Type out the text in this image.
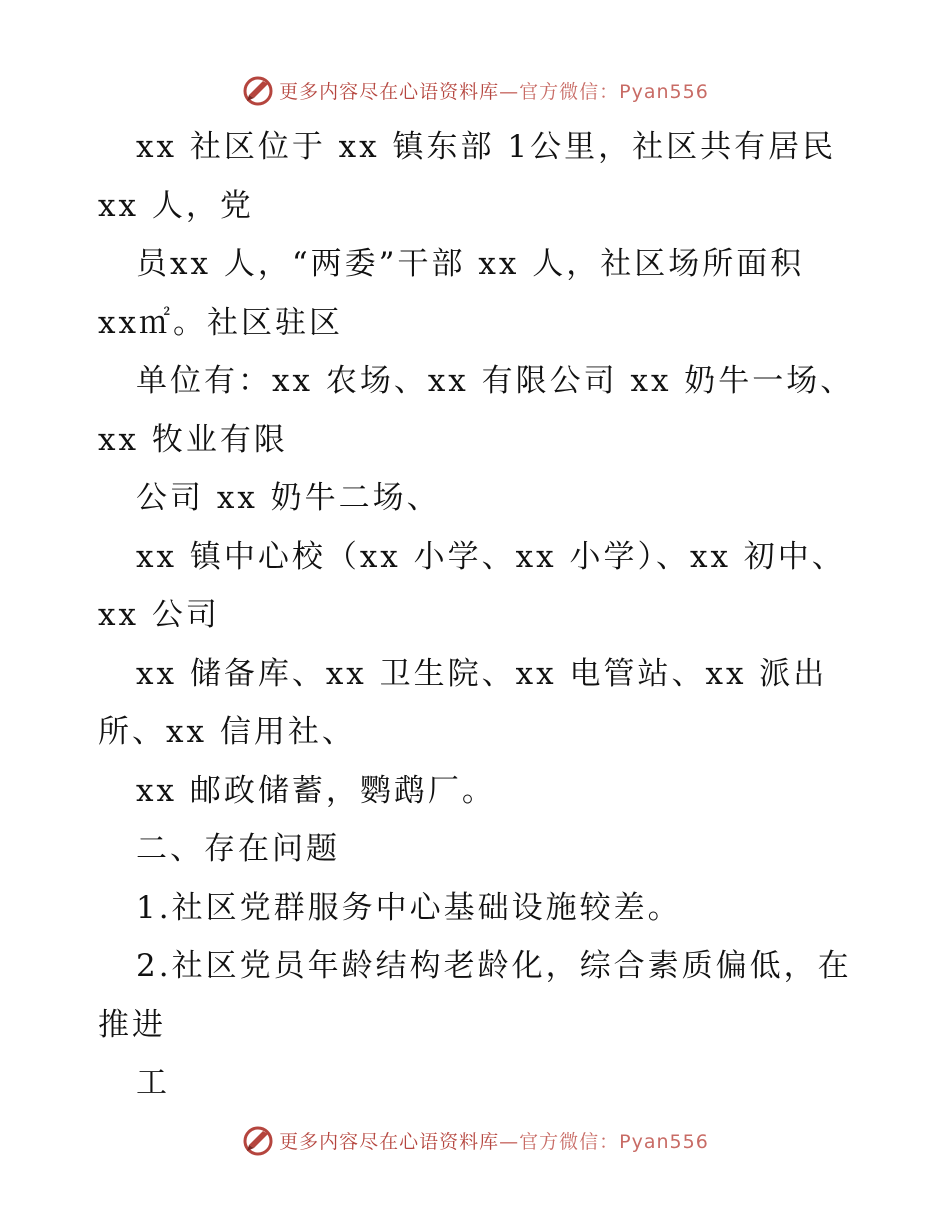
更多内容尽在心语资料库—官方微信：Pyan556
xx 社区位于 xx 镇东部 1公里，社区共有居民
xx 人，党
员xx 人，“两委”干部 xx 人，社区场所面积
xx㎡。社区驻区
单位有：xx 农场、xx 有限公司 xx 奶牛一场、
xx 牧业有限
公司 xx 奶牛二场、
xx 镇中心校（xx 小学、xx 小学）、xx 初中、
xx 公司
xx 储备库、xx 卫生院、xx 电管站、xx 派出
所、xx 信用社、
xx 邮政储蓄，鹦鹉厂。
二、存在问题
1.社区党群服务中心基础设施较差。
2.社区党员年龄结构老龄化，综合素质偏低，在
推进
工
更多内容尽在心语资料库—官方微信：Pyan556
